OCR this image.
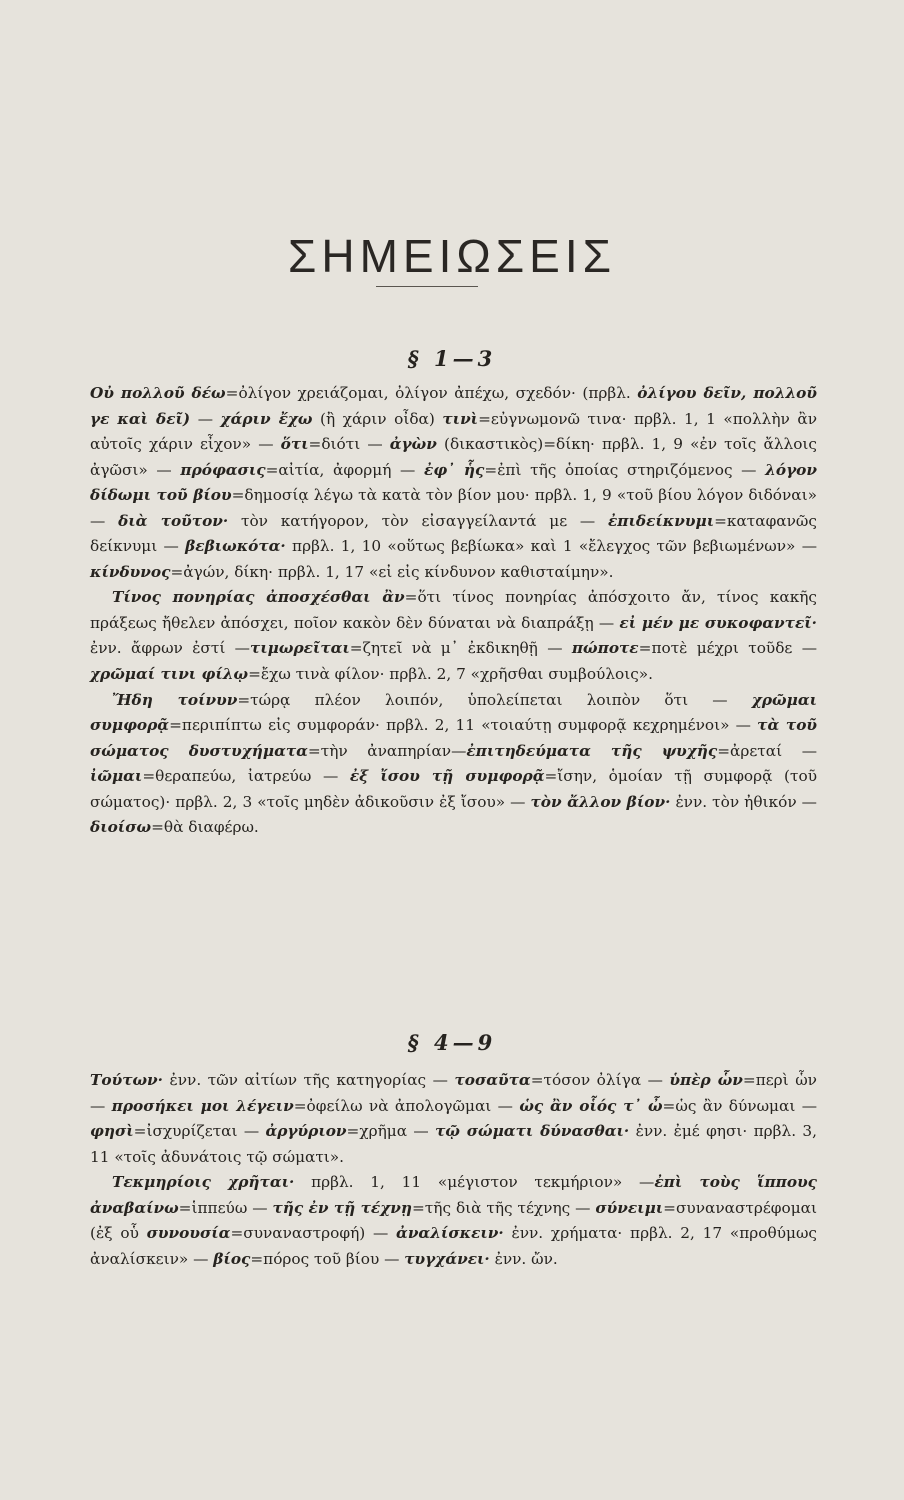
ΣΗΜΕΙΩΣΕΙΣ
§ 1—3

Οὐ πολλοῦ δέω=ὀλίγον χρειάζομαι, ὀλίγον ἀπέχω, σχεδόν· (πρβλ. ὀλίγου δεῖν, πολλοῦ γε καὶ δεῖ) — χάριν ἔχω (ἢ χάριν οἶδα) τινὶ=εὐγνωμονῶ τινα· πρβλ. 1, 1 «πολλὴν ἂν αὐτοῖς χάριν εἶχον» — ὅτι=διότι — ἀγὼν (δικαστικὸς)=δίκη· πρβλ. 1, 9 «ἐν τοῖς ἄλλοις ἀγῶσι» — πρόφασις=αἰτία, ἀφορμή — ἐφ᾿ ἧς=ἐπὶ τῆς ὁποίας στηριζόμενος — λόγον δίδωμι τοῦ βίου=δημοσίᾳ λέγω τὰ κατὰ τὸν βίον μου· πρβλ. 1, 9 «τοῦ βίου λόγον διδόναι» — διὰ τοῦτον· τὸν κατήγορον, τὸν εἰσαγγείλαντά με — ἐπιδείκνυμι=καταφανῶς δείκνυμι — βεβιωκότα· πρβλ. 1, 10 «οὕτως βεβίωκα» καὶ 1 «ἔλεγχος τῶν βεβιωμένων» — κίνδυνος=ἀγών, δίκη· πρβλ. 1, 17 «εἰ εἰς κίνδυνον καθισταίμην».

Τίνος πονηρίας ἀποσχέσθαι ἂν=ὅτι τίνος πονηρίας ἀπόσχοιτο ἄν, τίνος κακῆς πράξεως ἤθελεν ἀπόσχει, ποῖον κακὸν δὲν δύναται νὰ διαπράξῃ — εἰ μέν με συκοφαντεῖ· ἐνν. ἄφρων ἐστί —τιμωρεῖται=ζητεῖ νὰ μ᾿ ἐκδικηθῇ — πώποτε=ποτὲ μέχρι τοῦδε — χρῶμαί τινι φίλῳ=ἔχω τινὰ φίλον· πρβλ. 2, 7 «χρῆσθαι συμβούλοις».

Ἤδη τοίνυν=τώρᾳ πλέον λοιπόν, ὑπολείπεται λοιπὸν ὅτι — χρῶμαι συμφορᾷ=περιπίπτω εἰς συμφοράν· πρβλ. 2, 11 «τοιαύτῃ συμφορᾷ κεχρημένοι» — τὰ τοῦ σώματος δυστυχήματα=τὴν ἀναπηρίαν—ἐπιτηδεύματα τῆς ψυχῆς=ἀρεταί — ἰῶμαι=θεραπεύω, ἰατρεύω — ἐξ ἴσου τῇ συμφορᾷ=ἴσην, ὁμοίαν τῇ συμφορᾷ (τοῦ σώματος)· πρβλ. 2, 3 «τοῖς μηδὲν ἀδικοῦσιν ἐξ ἴσου» — τὸν ἄλλον βίον· ἐνν. τὸν ἠθικόν — διοίσω=θὰ διαφέρω.

§ 4—9

Τούτων· ἐνν. τῶν αἰτίων τῆς κατηγορίας — τοσαῦτα=τόσον ὀλίγα — ὑπὲρ ὧν=περὶ ὧν — προσήκει μοι λέγειν=ὀφείλω νὰ ἀπολογῶμαι — ὡς ἂν οἷός τ᾿ ὦ=ὡς ἂν δύνωμαι — φησὶ=ἰσχυρίζεται — ἀργύριον=χρῆμα — τῷ σώματι δύνασθαι· ἐνν. ἐμέ φησι· πρβλ. 3, 11 «τοῖς ἀδυνάτοις τῷ σώματι».

Τεκμηρίοις χρῆται· πρβλ. 1, 11 «μέγιστον τεκμήριον» —ἐπὶ τοὺς ἵππους ἀναβαίνω=ἱππεύω — τῆς ἐν τῇ τέχνῃ=τῆς διὰ τῆς τέχνης — σύνειμι=συναναστρέφομαι (ἐξ οὗ συνουσία=συναναστροφή) — ἀναλίσκειν· ἐνν. χρήματα· πρβλ. 2, 17 «προθύμως ἀναλίσκειν» — βίος=πόρος τοῦ βίου — τυγχάνει· ἐνν. ὤν.
